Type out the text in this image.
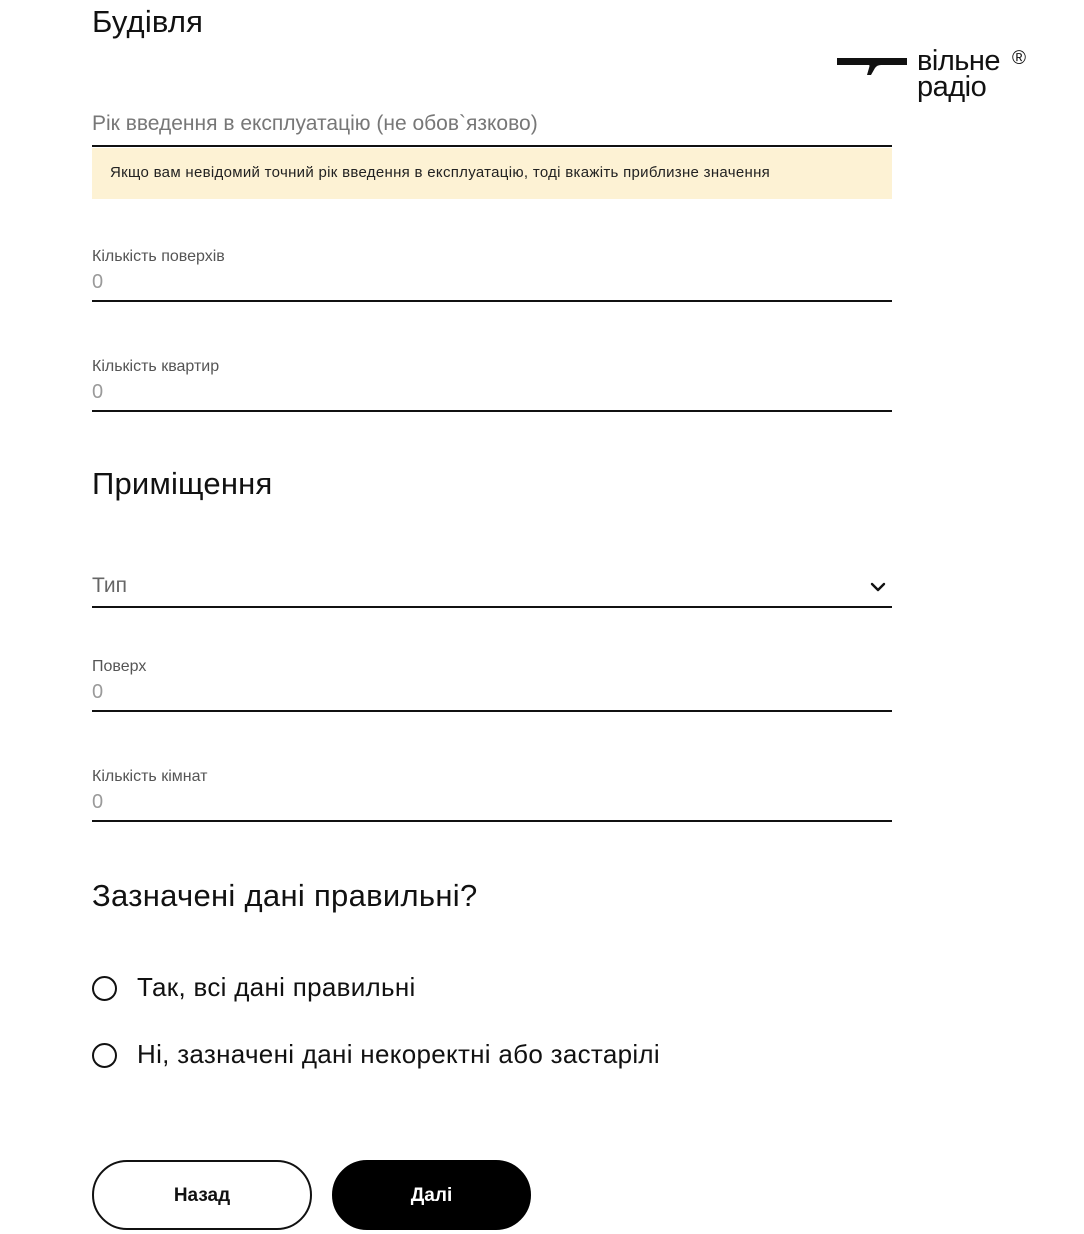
вільне
радіо
®
Будівля
Рік введення в експлуатацію (не обов`язково)
Якщо вам невідомий точний рік введення в експлуатацію, тоді вкажіть приблизне значення
Кількість поверхів
0
Кількість квартир
0
Приміщення
Тип
Поверх
0
Кількість кімнат
0
Зазначені дані правильні?
Так, всі дані правильні
Ні, зазначені дані некоректні або застарілі
Назад	Далі
